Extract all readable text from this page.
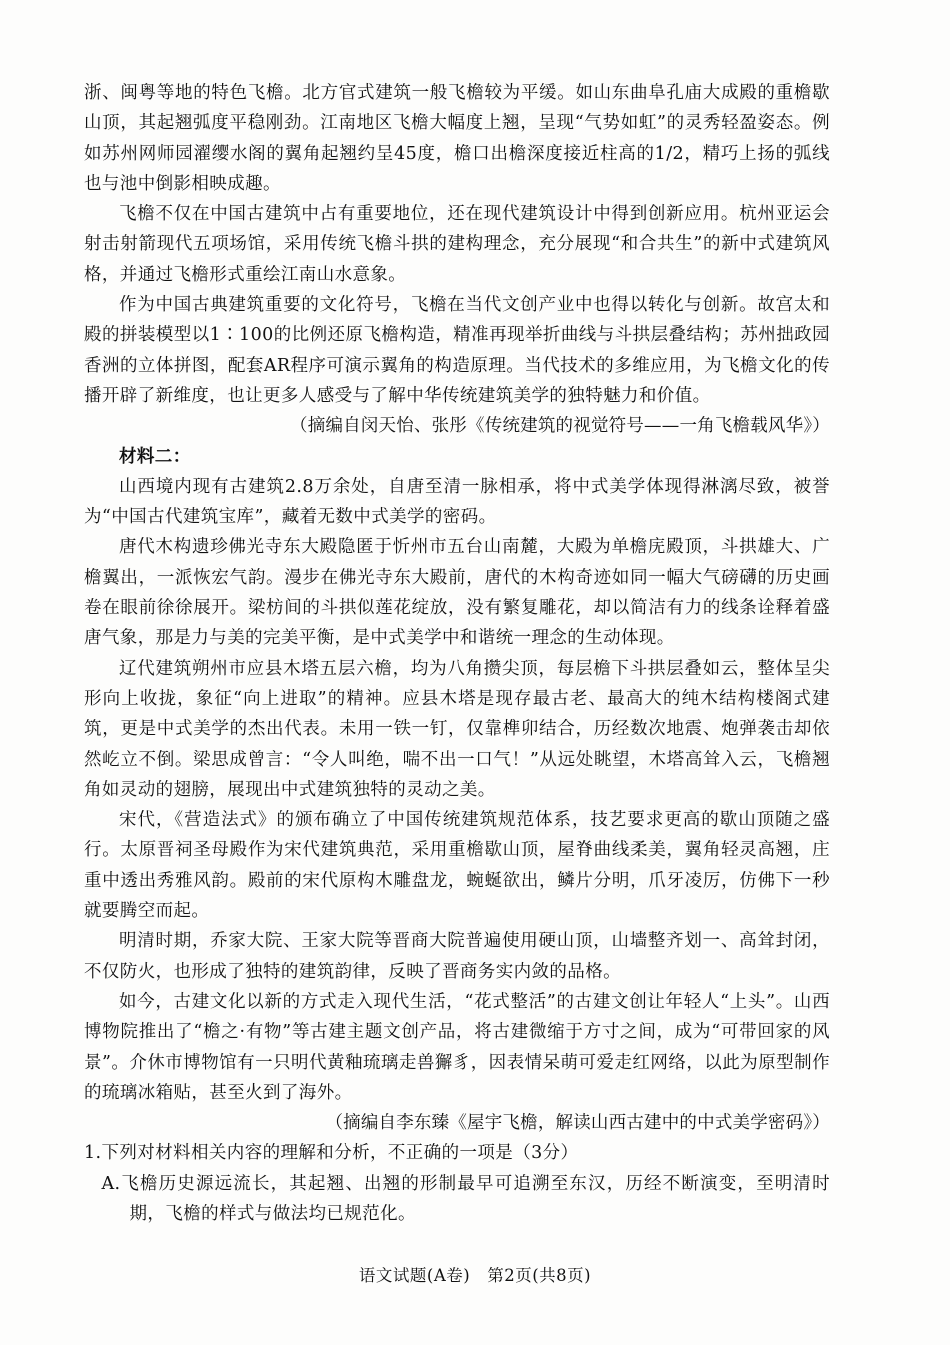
浙、闽粤等地的特色飞檐。北方官式建筑一般飞檐较为平缓。如山东曲阜孔庙大成殿的重檐歇山顶，其起翘弧度平稳刚劲。江南地区飞檐大幅度上翘，呈现“气势如虹”的灵秀轻盈姿态。例如苏州网师园濯缨水阁的翼角起翘约呈45度，檐口出檐深度接近柱高的1/2，精巧上扬的弧线也与池中倒影相映成趣。

飞檐不仅在中国古建筑中占有重要地位，还在现代建筑设计中得到创新应用。杭州亚运会射击射箭现代五项场馆，采用传统飞檐斗拱的建构理念，充分展现“和合共生”的新中式建筑风格，并通过飞檐形式重绘江南山水意象。

作为中国古典建筑重要的文化符号，飞檐在当代文创产业中也得以转化与创新。故宫太和殿的拼装模型以1∶100的比例还原飞檐构造，精准再现举折曲线与斗拱层叠结构；苏州拙政园香洲的立体拼图，配套AR程序可演示翼角的构造原理。当代技术的多维应用，为飞檐文化的传播开辟了新维度，也让更多人感受与了解中华传统建筑美学的独特魅力和价值。

（摘编自闵天怡、张彤《传统建筑的视觉符号——一角飞檐载风华》）

材料二：

山西境内现有古建筑2.8万余处，自唐至清一脉相承，将中式美学体现得淋漓尽致，被誉为“中国古代建筑宝库”，藏着无数中式美学的密码。

唐代木构遗珍佛光寺东大殿隐匿于忻州市五台山南麓，大殿为单檐庑殿顶，斗拱雄大、广檐翼出，一派恢宏气韵。漫步在佛光寺东大殿前，唐代的木构奇迹如同一幅大气磅礴的历史画卷在眼前徐徐展开。梁枋间的斗拱似莲花绽放，没有繁复雕花，却以简洁有力的线条诠释着盛唐气象，那是力与美的完美平衡，是中式美学中和谐统一理念的生动体现。

辽代建筑朔州市应县木塔五层六檐，均为八角攒尖顶，每层檐下斗拱层叠如云，整体呈尖形向上收拢，象征“向上进取”的精神。应县木塔是现存最古老、最高大的纯木结构楼阁式建筑，更是中式美学的杰出代表。未用一铁一钉，仅靠榫卯结合，历经数次地震、炮弹袭击却依然屹立不倒。梁思成曾言：“令人叫绝，喘不出一口气！”从远处眺望，木塔高耸入云，飞檐翘角如灵动的翅膀，展现出中式建筑独特的灵动之美。

宋代，《营造法式》的颁布确立了中国传统建筑规范体系，技艺要求更高的歇山顶随之盛行。太原晋祠圣母殿作为宋代建筑典范，采用重檐歇山顶，屋脊曲线柔美，翼角轻灵高翘，庄重中透出秀雅风韵。殿前的宋代原构木雕盘龙，蜿蜒欲出，鳞片分明，爪牙凌厉，仿佛下一秒就要腾空而起。

明清时期，乔家大院、王家大院等晋商大院普遍使用硬山顶，山墙整齐划一、高耸封闭，不仅防火，也形成了独特的建筑韵律，反映了晋商务实内敛的品格。

如今，古建文化以新的方式走入现代生活，“花式整活”的古建文创让年轻人“上头”。山西博物院推出了“檐之·有物”等古建主题文创产品，将古建微缩于方寸之间，成为“可带回家的风景”。介休市博物馆有一只明代黄釉琉璃走兽獬豸，因表情呆萌可爱走红网络，以此为原型制作的琉璃冰箱贴，甚至火到了海外。

（摘编自李东臻《屋宇飞檐，解读山西古建中的中式美学密码》）

1.下列对材料相关内容的理解和分析，不正确的一项是（3分）

A.飞檐历史源远流长，其起翘、出翘的形制最早可追溯至东汉，历经不断演变，至明清时期，飞檐的样式与做法均已规范化。

语文试题(A卷)　第2页(共8页)
